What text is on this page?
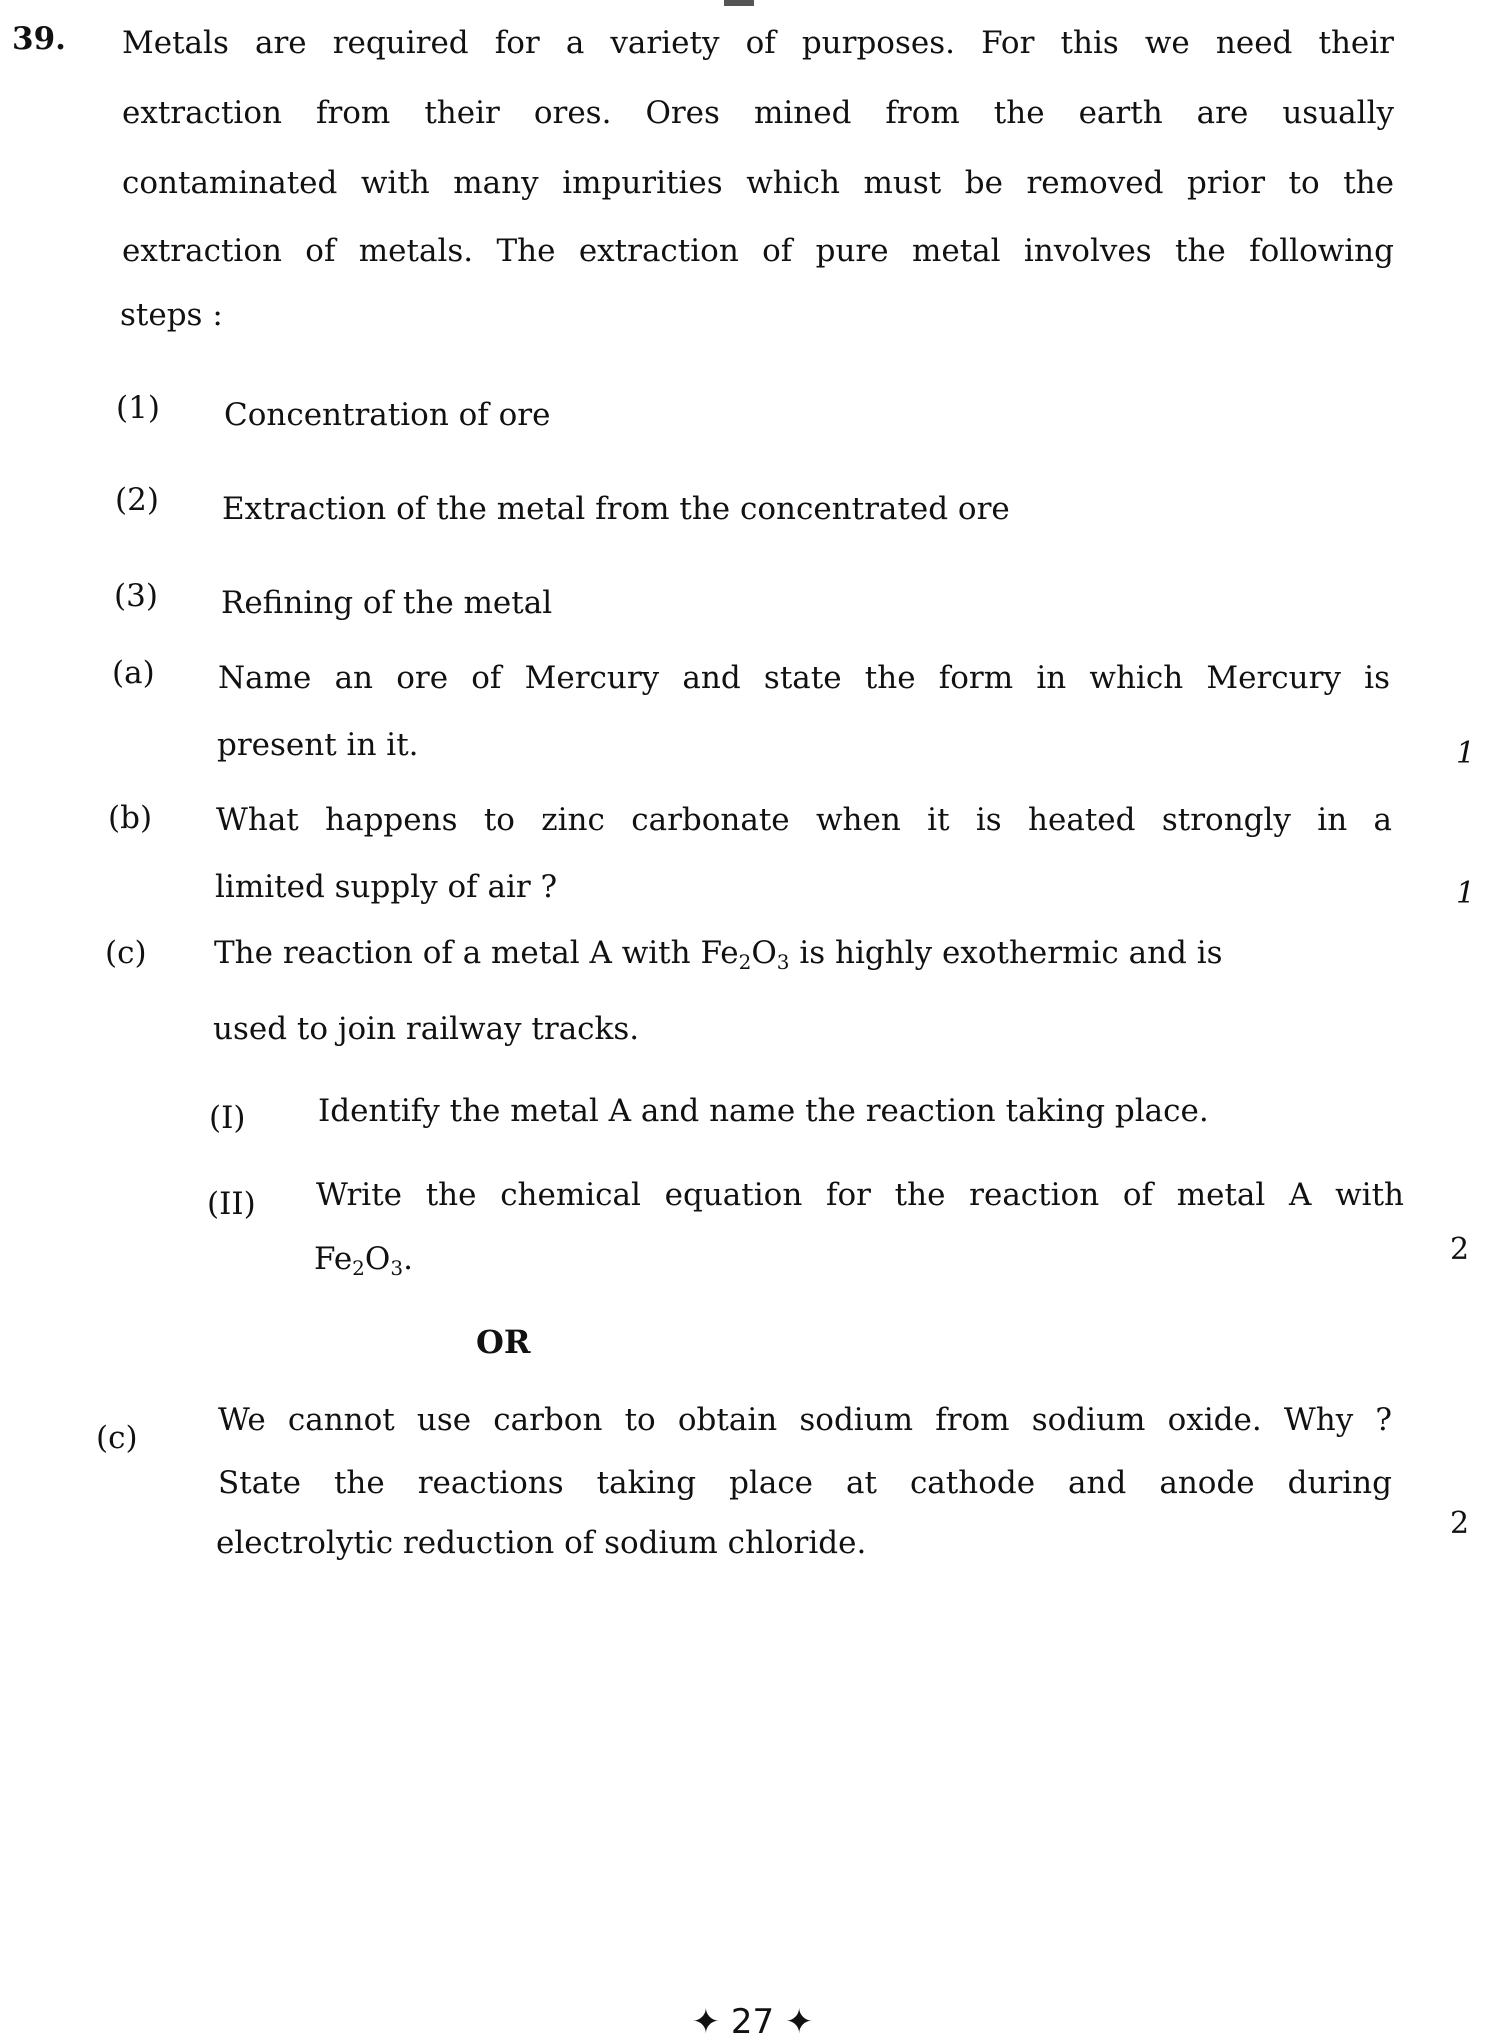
39. Metals are required for a variety of purposes. For this we need their
extraction from their ores. Ores mined from the earth are usually
contaminated with many impurities which must be removed prior to the
extraction of metals. The extraction of pure metal involves the following
steps :
(1) Concentration of ore
(2) Extraction of the metal from the concentrated ore
(3) Refining of the metal
(a) Name an ore of Mercury and state the form in which Mercury is
present in it.	1
(b) What happens to zinc carbonate when it is heated strongly in a
limited supply of air ?	1
(c) The reaction of a metal A with $Fe_2O_3$ is highly exothermic and is
used to join railway tracks.
(I) Identify the metal A and name the reaction taking place.
(II) Write the chemical equation for the reaction of metal A with
$Fe_2O_3$.	2
OR
(c)	We cannot use carbon to obtain sodium from sodium oxide. Why ?
State the reactions taking place at cathode and anode during
electrolytic reduction of sodium chloride.
2
✦ 27 ✦
